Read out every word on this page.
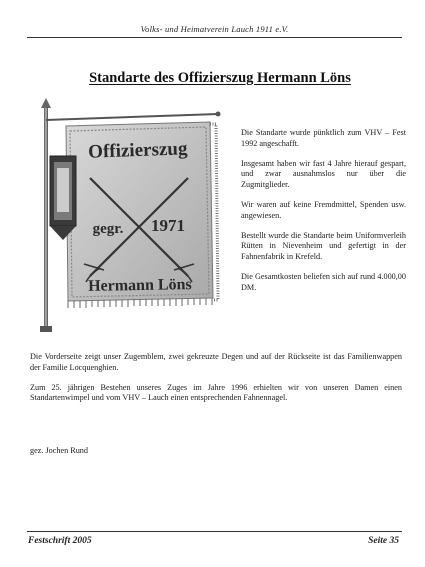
Volks- und Heimatverein Lauch 1911 e.V.
Standarte des Offizierszug Hermann Löns
Offizierszug
gegr. 1971
Hermann Löns

Die Standarte wurde pünktlich zum VHV – Fest 1992 angeschafft.

Insgesamt haben wir fast 4 Jahre hierauf gespart, und zwar ausnahmslos nur über die Zugmitglieder.

Wir waren auf keine Fremdmittel, Spenden usw. angewiesen.

Bestellt wurde die Standarte beim Uniformverleih Rütten in Nievenheim und gefertigt in der Fahnenfabrik in Krefeld.

Die Gesamtkosten beliefen sich auf rund 4.000,00 DM.

Die Vorderseite zeigt unser Zugemblem, zwei gekreuzte Degen und auf der Rückseite ist das Familienwappen der Familie Locquenghien.

Zum 25. jährigen Bestehen unseres Zuges im Jahre 1996 erhielten wir von unseren Damen einen Standartenwimpel und vom VHV – Lauch einen entsprechenden Fahnennagel.

gez. Jochen Rund
Festschrift 2005	Seite 35
